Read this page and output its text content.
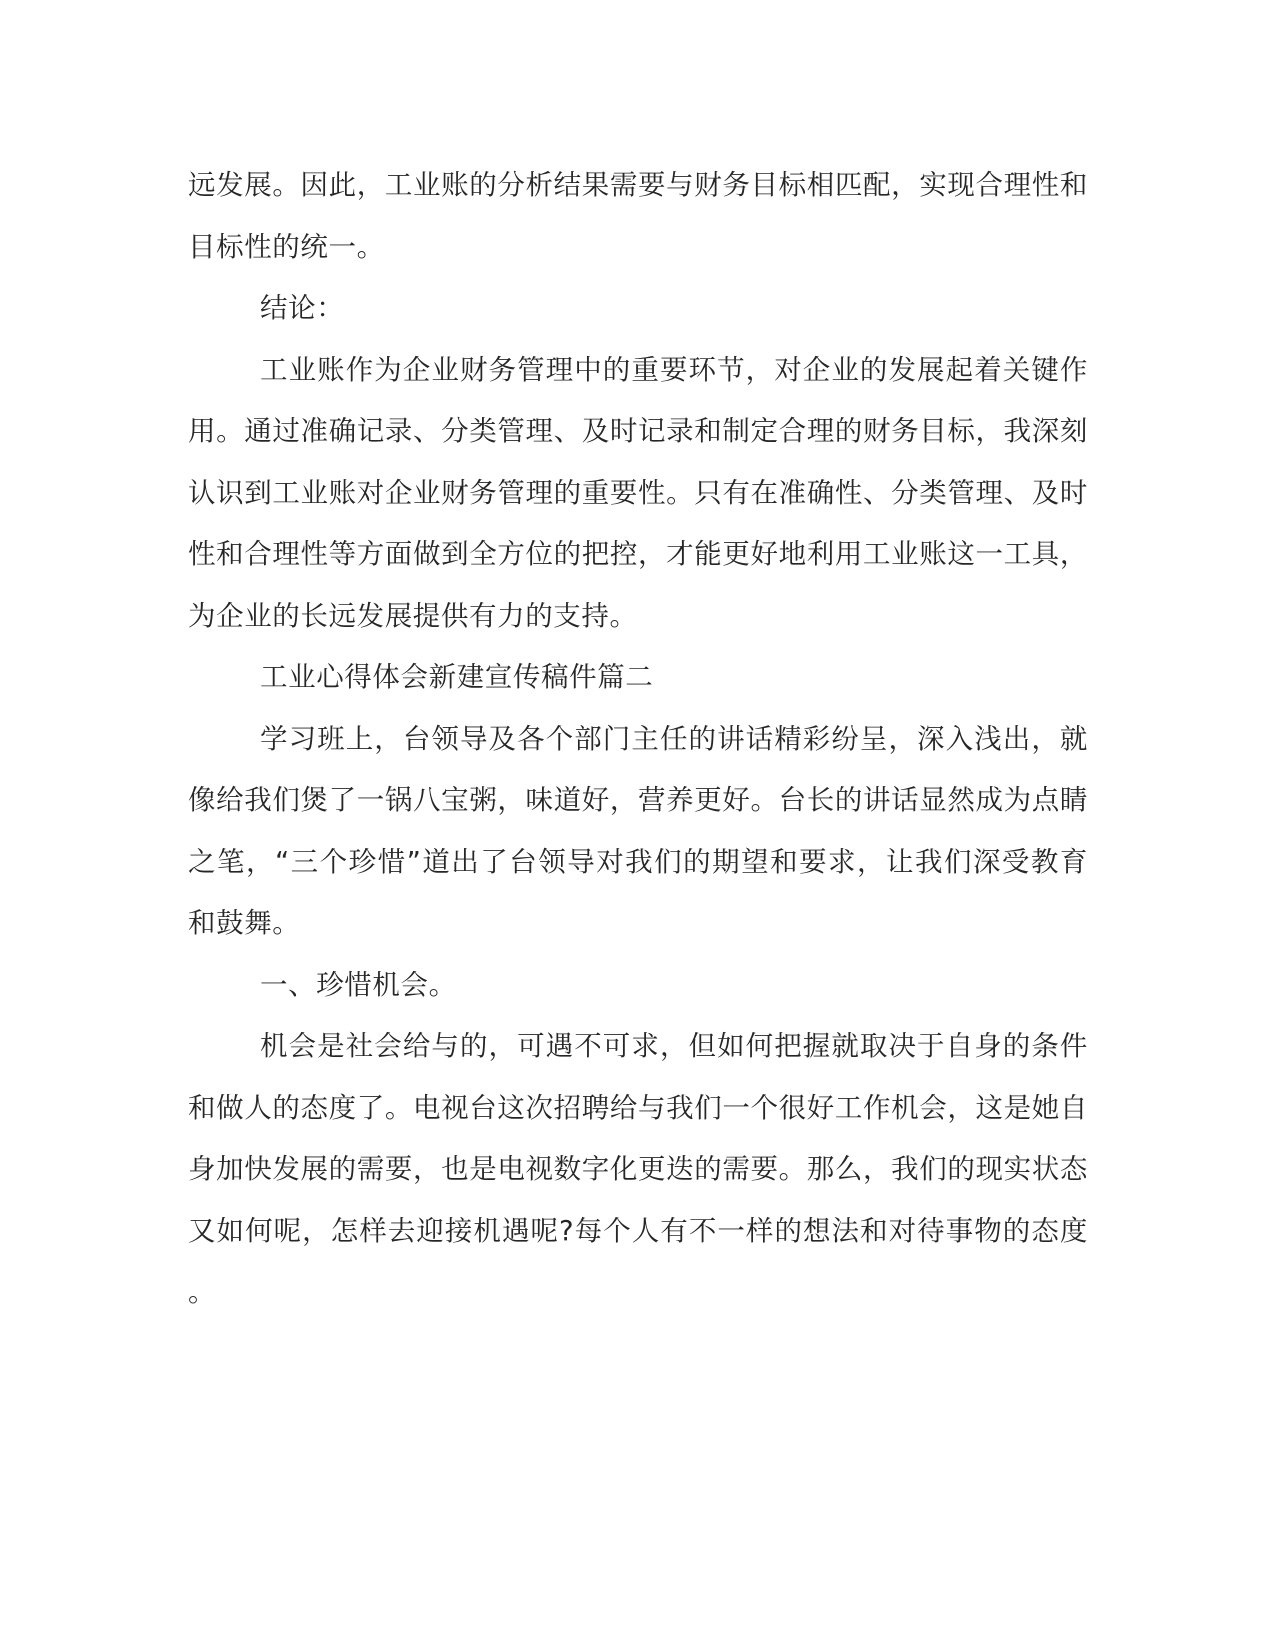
远发展。因此，工业账的分析结果需要与财务目标相匹配，实现合理性和目标性的统一。

结论：

工业账作为企业财务管理中的重要环节，对企业的发展起着关键作用。通过准确记录、分类管理、及时记录和制定合理的财务目标，我深刻认识到工业账对企业财务管理的重要性。只有在准确性、分类管理、及时性和合理性等方面做到全方位的把控，才能更好地利用工业账这一工具，为企业的长远发展提供有力的支持。

工业心得体会新建宣传稿件篇二

学习班上，台领导及各个部门主任的讲话精彩纷呈，深入浅出，就像给我们煲了一锅八宝粥，味道好，营养更好。台长的讲话显然成为点睛之笔，“三个珍惜”道出了台领导对我们的期望和要求，让我们深受教育和鼓舞。

一、珍惜机会。

机会是社会给与的，可遇不可求，但如何把握就取决于自身的条件和做人的态度了。电视台这次招聘给与我们一个很好工作机会，这是她自身加快发展的需要，也是电视数字化更迭的需要。那么，我们的现实状态又如何呢，怎样去迎接机遇呢?每个人有不一样的想法和对待事物的态度。
